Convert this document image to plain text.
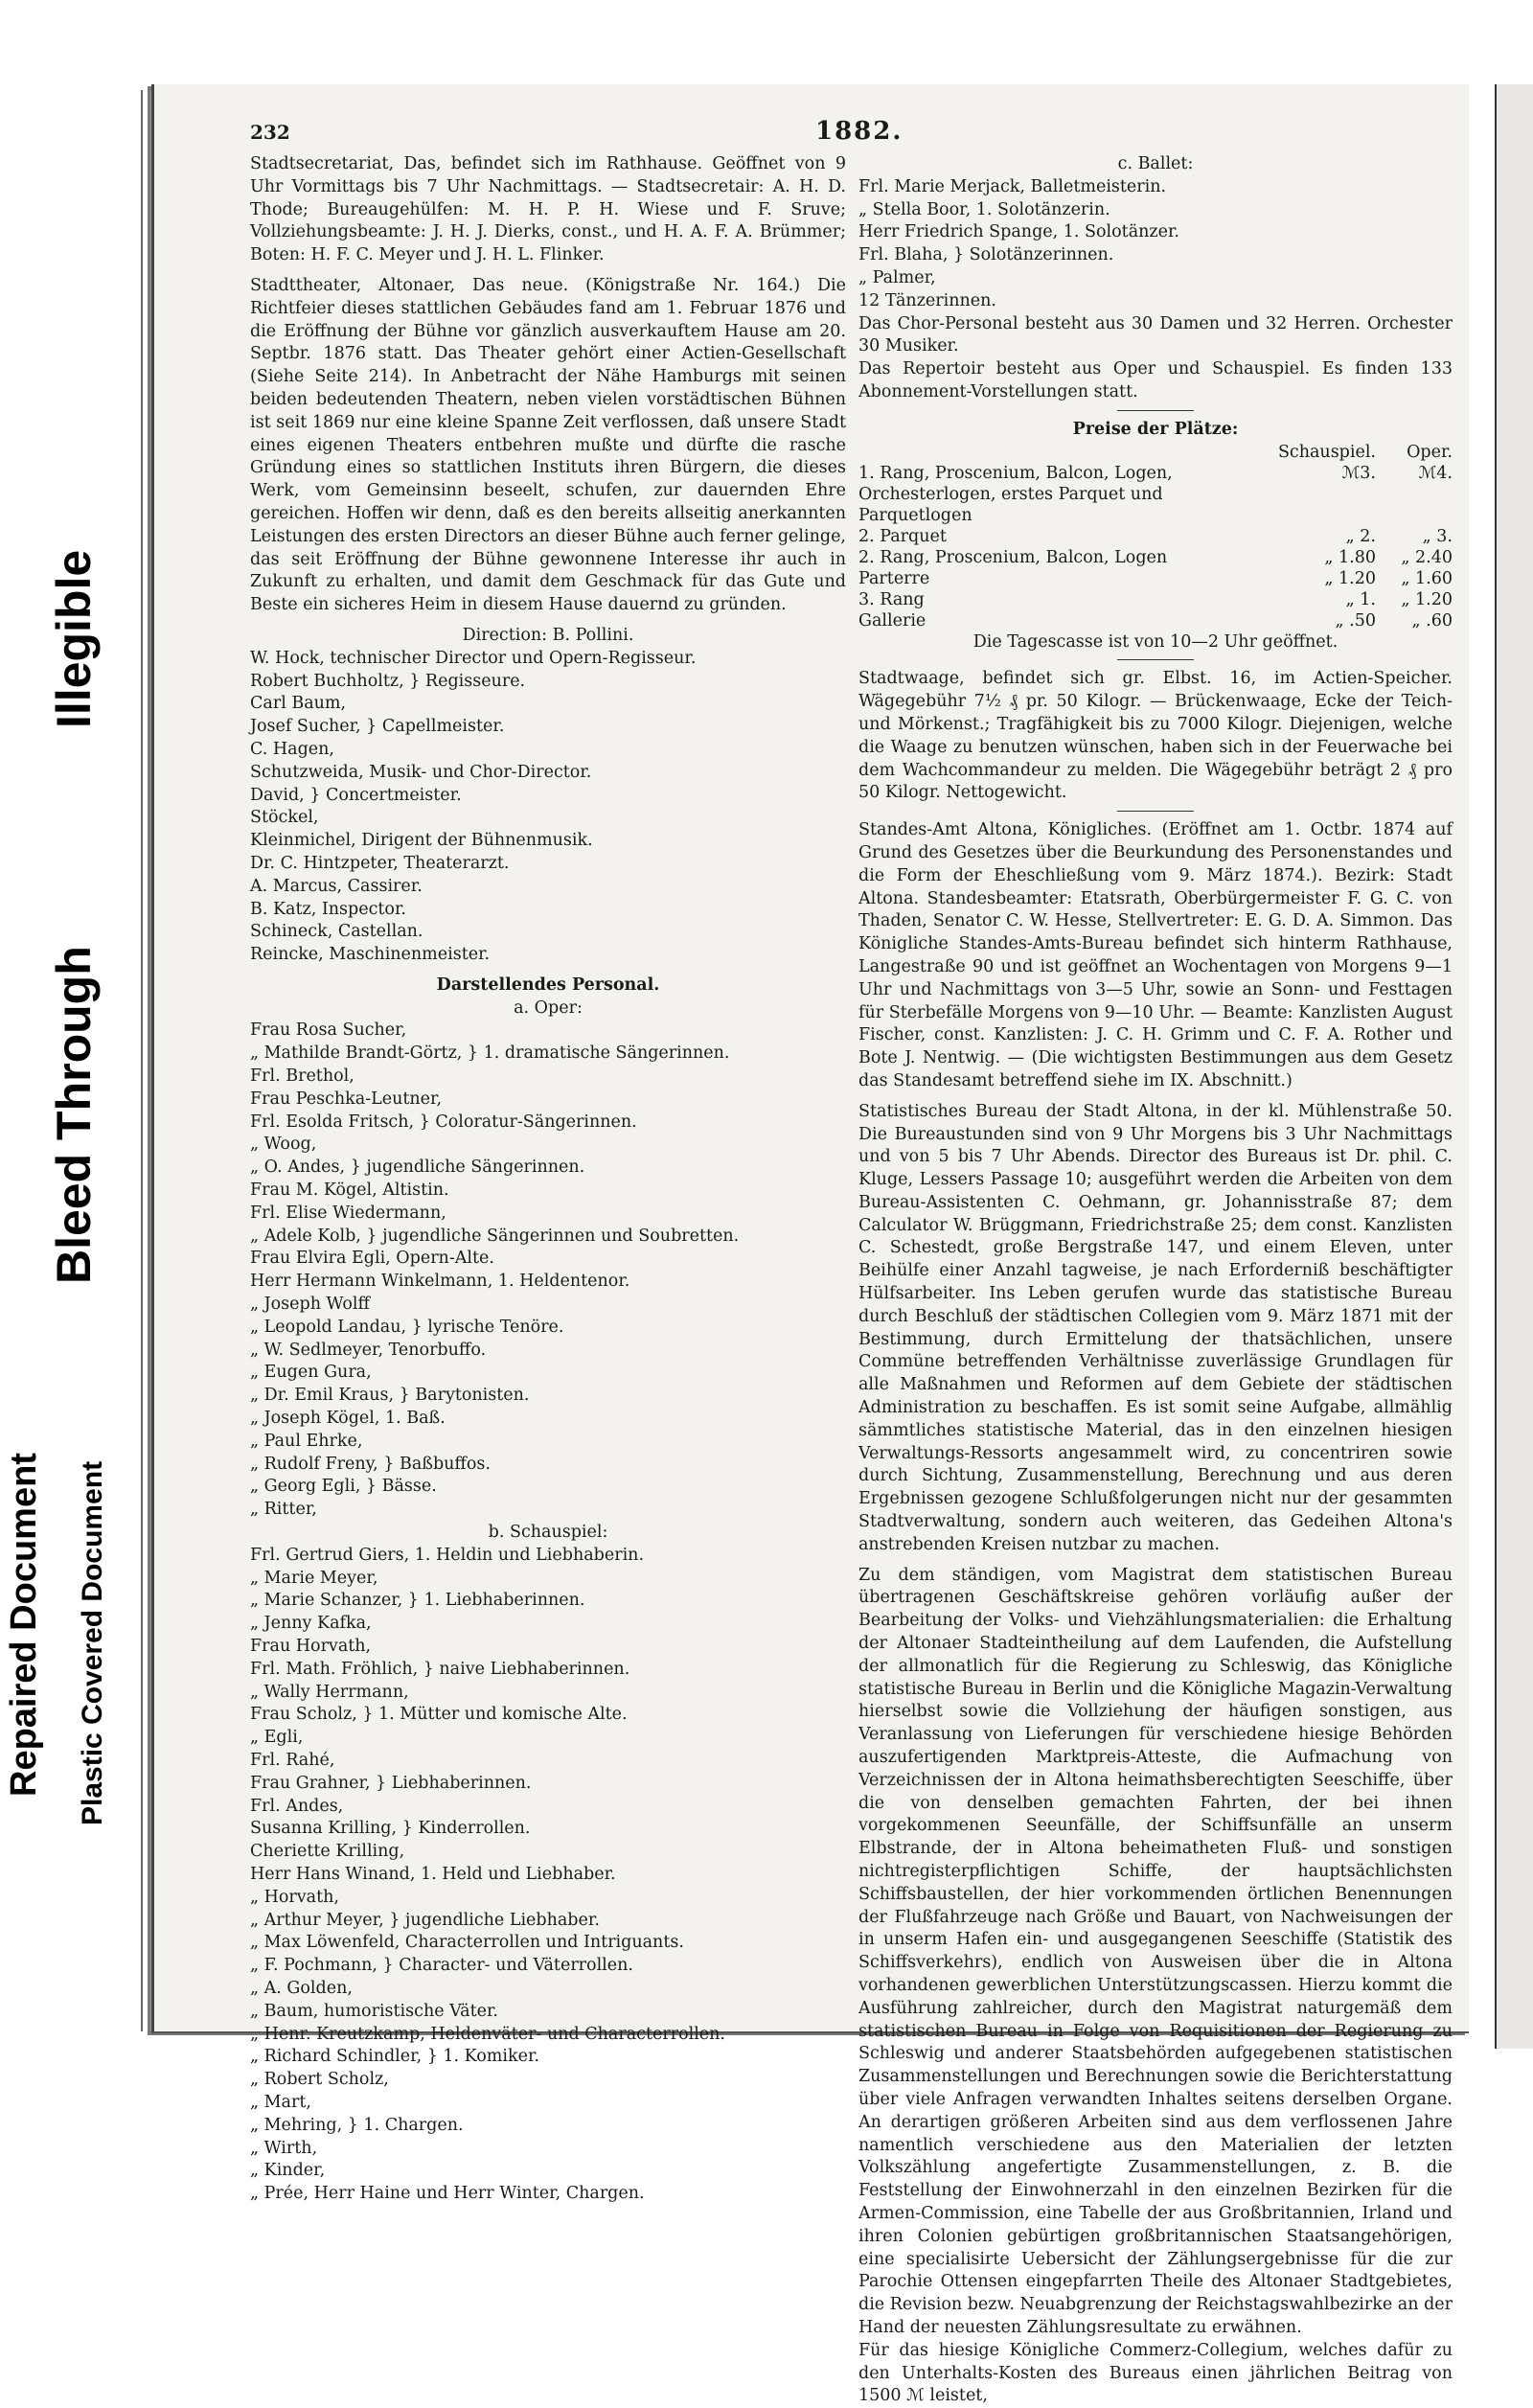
Repaired Document Plastic Covered Document
Bleed Through
Illegible
232	1882.

Stadtsecretariat, Das, befindet sich im Rathhause. Geöffnet von 9 Uhr Vormittags bis 7 Uhr Nachmittags. — Stadtsecretair: A. H. D. Thode; Bureaugehülfen: M. H. P. H. Wiese und F. Sruve; Vollziehungsbeamte: J. H. J. Dierks, const., und H. A. F. A. Brümmer; Boten: H. F. C. Meyer und J. H. L. Flinker.

Stadttheater, Altonaer, Das neue. (Königstraße Nr. 164.) Die Richtfeier dieses stattlichen Gebäudes fand am 1. Februar 1876 und die Eröffnung der Bühne vor gänzlich ausverkauftem Hause am 20. Septbr. 1876 statt. Das Theater gehört einer Actien-Gesellschaft (Siehe Seite 214). In Anbetracht der Nähe Hamburgs mit seinen beiden bedeutenden Theatern, neben vielen vorstädtischen Bühnen ist seit 1869 nur eine kleine Spanne Zeit verflossen, daß unsere Stadt eines eigenen Theaters entbehren mußte und dürfte die rasche Gründung eines so stattlichen Instituts ihren Bürgern, die dieses Werk, vom Gemeinsinn beseelt, schufen, zur dauernden Ehre gereichen. Hoffen wir denn, daß es den bereits allseitig anerkannten Leistungen des ersten Directors an dieser Bühne auch ferner gelinge, das seit Eröffnung der Bühne gewonnene Interesse ihr auch in Zukunft zu erhalten, und damit dem Geschmack für das Gute und Beste ein sicheres Heim in diesem Hause dauernd zu gründen.

Direction: B. Pollini.

W. Hock, technischer Director und Opern-Regisseur.
Robert Buchholtz, } Regisseure.
Carl Baum,
Josef Sucher, } Capellmeister.
C. Hagen,
Schutzweida, Musik- und Chor-Director.
David, } Concertmeister.
Stöckel,
Kleinmichel, Dirigent der Bühnenmusik.
Dr. C. Hintzpeter, Theaterarzt.
A. Marcus, Cassirer.
B. Katz, Inspector.
Schineck, Castellan.
Reincke, Maschinenmeister.

Darstellendes Personal.

a. Oper:

Frau Rosa Sucher,
„ Mathilde Brandt-Görtz, } 1. dramatische Sängerinnen.
Frl. Brethol,
Frau Peschka-Leutner,
Frl. Esolda Fritsch, } Coloratur-Sängerinnen.
„ Woog,
„ O. Andes, } jugendliche Sängerinnen.
Frau M. Kögel, Altistin.
Frl. Elise Wiedermann,
„ Adele Kolb, } jugendliche Sängerinnen und Soubretten.
Frau Elvira Egli, Opern-Alte.
Herr Hermann Winkelmann, 1. Heldentenor.
„ Joseph Wolff
„ Leopold Landau, } lyrische Tenöre.
„ W. Sedlmeyer, Tenorbuffo.
„ Eugen Gura,
„ Dr. Emil Kraus, } Barytonisten.
„ Joseph Kögel, 1. Baß.
„ Paul Ehrke,
„ Rudolf Freny, } Baßbuffos.
„ Georg Egli, } Bässe.
„ Ritter,

b. Schauspiel:

Frl. Gertrud Giers, 1. Heldin und Liebhaberin.
„ Marie Meyer,
„ Marie Schanzer, } 1. Liebhaberinnen.
„ Jenny Kafka,
Frau Horvath,
Frl. Math. Fröhlich, } naive Liebhaberinnen.
„ Wally Herrmann,
Frau Scholz, } 1. Mütter und komische Alte.
„ Egli,
Frl. Rahé,
Frau Grahner, } Liebhaberinnen.
Frl. Andes,
Susanna Krilling, } Kinderrollen.
Cheriette Krilling,
Herr Hans Winand, 1. Held und Liebhaber.
„ Horvath,
„ Arthur Meyer, } jugendliche Liebhaber.
„ Max Löwenfeld, Characterrollen und Intriguants.
„ F. Pochmann, } Character- und Väterrollen.
„ A. Golden,
„ Baum, humoristische Väter.
„ Henr. Kreutzkamp, Heldenväter- und Characterrollen.
„ Richard Schindler, } 1. Komiker.
„ Robert Scholz,
„ Mart,
„ Mehring, } 1. Chargen.
„ Wirth,
„ Kinder,
„ Prée, Herr Haine und Herr Winter, Chargen.

c. Ballet:

Frl. Marie Merjack, Balletmeisterin.
„ Stella Boor, 1. Solotänzerin.
Herr Friedrich Spange, 1. Solotänzer.
Frl. Blaha, } Solotänzerinnen.
„ Palmer,
12 Tänzerinnen.

Das Chor-Personal besteht aus 30 Damen und 32 Herren. Orchester 30 Musiker.

Das Repertoir besteht aus Oper und Schauspiel. Es finden 133 Abonnement-Vorstellungen statt.

Preise der Plätze:

	Schauspiel.	Oper.
1. Rang, Proscenium, Balcon, Logen, Orchesterlogen, erstes Parquet und Parquetlogen	ℳ3.	ℳ4.
2. Parquet	„ 2.	„ 3.
2. Rang, Proscenium, Balcon, Logen	„ 1.80	„ 2.40
Parterre	„ 1.20	„ 1.60
3. Rang	„ 1.	„ 1.20
Gallerie	„ .50	„ .60

Die Tagescasse ist von 10—2 Uhr geöffnet.

Stadtwaage, befindet sich gr. Elbst. 16, im Actien-Speicher. Wägegebühr 7½ ₰ pr. 50 Kilogr. — Brückenwaage, Ecke der Teich- und Mörkenst.; Tragfähigkeit bis zu 7000 Kilogr. Diejenigen, welche die Waage zu benutzen wünschen, haben sich in der Feuerwache bei dem Wachcommandeur zu melden. Die Wägegebühr beträgt 2 ₰ pro 50 Kilogr. Nettogewicht.

Standes-Amt Altona, Königliches. (Eröffnet am 1. Octbr. 1874 auf Grund des Gesetzes über die Beurkundung des Personenstandes und die Form der Eheschließung vom 9. März 1874.). Bezirk: Stadt Altona. Standesbeamter: Etatsrath, Oberbürgermeister F. G. C. von Thaden, Senator C. W. Hesse, Stellvertreter: E. G. D. A. Simmon. Das Königliche Standes-Amts-Bureau befindet sich hinterm Rathhause, Langestraße 90 und ist geöffnet an Wochentagen von Morgens 9—1 Uhr und Nachmittags von 3—5 Uhr, sowie an Sonn- und Festtagen für Sterbefälle Morgens von 9—10 Uhr. — Beamte: Kanzlisten August Fischer, const. Kanzlisten: J. C. H. Grimm und C. F. A. Rother und Bote J. Nentwig. — (Die wichtigsten Bestimmungen aus dem Gesetz das Standesamt betreffend siehe im IX. Abschnitt.)

Statistisches Bureau der Stadt Altona, in der kl. Mühlenstraße 50. Die Bureaustunden sind von 9 Uhr Morgens bis 3 Uhr Nachmittags und von 5 bis 7 Uhr Abends. Director des Bureaus ist Dr. phil. C. Kluge, Lessers Passage 10; ausgeführt werden die Arbeiten von dem Bureau-Assistenten C. Oehmann, gr. Johannisstraße 87; dem Calculator W. Brüggmann, Friedrichstraße 25; dem const. Kanzlisten C. Schestedt, große Bergstraße 147, und einem Eleven, unter Beihülfe einer Anzahl tagweise, je nach Erforderniß beschäftigter Hülfsarbeiter. Ins Leben gerufen wurde das statistische Bureau durch Beschluß der städtischen Collegien vom 9. März 1871 mit der Bestimmung, durch Ermittelung der thatsächlichen, unsere Commüne betreffenden Verhältnisse zuverlässige Grundlagen für alle Maßnahmen und Reformen auf dem Gebiete der städtischen Administration zu beschaffen. Es ist somit seine Aufgabe, allmählig sämmtliches statistische Material, das in den einzelnen hiesigen Verwaltungs-Ressorts angesammelt wird, zu concentriren sowie durch Sichtung, Zusammenstellung, Berechnung und aus deren Ergebnissen gezogene Schlußfolgerungen nicht nur der gesammten Stadtverwaltung, sondern auch weiteren, das Gedeihen Altona's anstrebenden Kreisen nutzbar zu machen.

Zu dem ständigen, vom Magistrat dem statistischen Bureau übertragenen Geschäftskreise gehören vorläufig außer der Bearbeitung der Volks- und Viehzählungsmaterialien: die Erhaltung der Altonaer Stadteintheilung auf dem Laufenden, die Aufstellung der allmonatlich für die Regierung zu Schleswig, das Königliche statistische Bureau in Berlin und die Königliche Magazin-Verwaltung hierselbst sowie die Vollziehung der häufigen sonstigen, aus Veranlassung von Lieferungen für verschiedene hiesige Behörden auszufertigenden Marktpreis-Atteste, die Aufmachung von Verzeichnissen der in Altona heimathsberechtigten Seeschiffe, über die von denselben gemachten Fahrten, der bei ihnen vorgekommenen Seeunfälle, der Schiffsunfälle an unserm Elbstrande, der in Altona beheimatheten Fluß- und sonstigen nichtregisterpflichtigen Schiffe, der hauptsächlichsten Schiffsbaustellen, der hier vorkommenden örtlichen Benennungen der Flußfahrzeuge nach Größe und Bauart, von Nachweisungen der in unserm Hafen ein- und ausgegangenen Seeschiffe (Statistik des Schiffsverkehrs), endlich von Ausweisen über die in Altona vorhandenen gewerblichen Unterstützungscassen. Hierzu kommt die Ausführung zahlreicher, durch den Magistrat naturgemäß dem statistischen Bureau in Folge von Requisitionen der Regierung zu Schleswig und anderer Staatsbehörden aufgegebenen statistischen Zusammenstellungen und Berechnungen sowie die Berichterstattung über viele Anfragen verwandten Inhaltes seitens derselben Organe. An derartigen größeren Arbeiten sind aus dem verflossenen Jahre namentlich verschiedene aus den Materialien der letzten Volkszählung angefertigte Zusammenstellungen, z. B. die Feststellung der Einwohnerzahl in den einzelnen Bezirken für die Armen-Commission, eine Tabelle der aus Großbritannien, Irland und ihren Colonien gebürtigen großbritannischen Staatsangehörigen, eine specialisirte Uebersicht der Zählungsergebnisse für die zur Parochie Ottensen eingepfarrten Theile des Altonaer Stadtgebietes, die Revision bezw. Neuabgrenzung der Reichstagswahlbezirke an der Hand der neuesten Zählungsresultate zu erwähnen.

Für das hiesige Königliche Commerz-Collegium, welches dafür zu den Unterhalts-Kosten des Bureaus einen jährlichen Beitrag von 1500 ℳ leistet,
